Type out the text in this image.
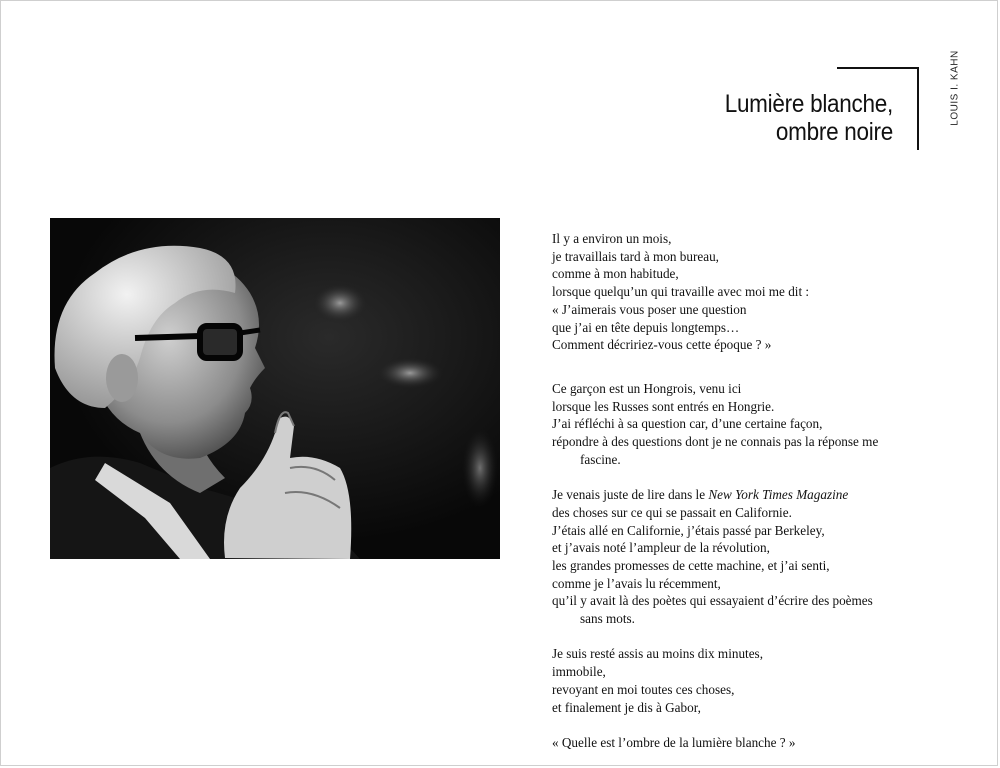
LOUIS I. KAHN
Lumière blanche,
ombre noire

Il y a environ un mois,

je travaillais tard à mon bureau,

comme à mon habitude,

lorsque quelqu’un qui travaille avec moi me dit :

« J’aimerais vous poser une question

que j’ai en tête depuis longtemps…

Comment décririez-vous cette époque ? »

Ce garçon est un Hongrois, venu ici

lorsque les Russes sont entrés en Hongrie.

J’ai réfléchi à sa question car, d’une certaine façon,

répondre à des questions dont je ne connais pas la réponse me

fascine.

Je venais juste de lire dans le New York Times Magazine

des choses sur ce qui se passait en Californie.

J’étais allé en Californie, j’étais passé par Berkeley,

et j’avais noté l’ampleur de la révolution,

les grandes promesses de cette machine, et j’ai senti,

comme je l’avais lu récemment,

qu’il y avait là des poètes qui essayaient d’écrire des poèmes

sans mots.

Je suis resté assis au moins dix minutes,

immobile,

revoyant en moi toutes ces choses,

et finalement je dis à Gabor,

« Quelle est l’ombre de la lumière blanche ? »
